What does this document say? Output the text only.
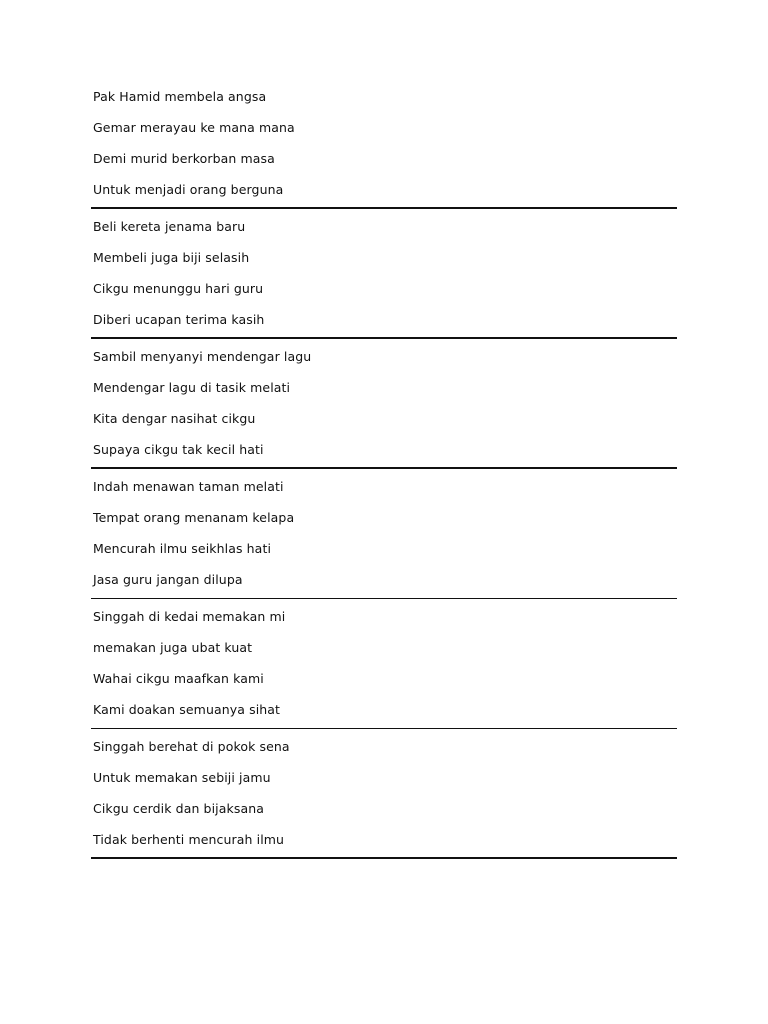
Pak Hamid membela angsa
Gemar merayau ke mana mana
Demi murid berkorban masa
Untuk menjadi orang berguna
Beli kereta jenama baru
Membeli juga biji selasih
Cikgu menunggu hari guru
Diberi ucapan terima kasih
Sambil menyanyi mendengar lagu
Mendengar lagu di tasik melati
Kita dengar nasihat cikgu
Supaya cikgu tak kecil hati
Indah menawan taman melati
Tempat orang menanam kelapa
Mencurah ilmu seikhlas hati
Jasa guru jangan dilupa
Singgah di kedai memakan mi
memakan juga ubat kuat
Wahai cikgu maafkan kami
Kami doakan semuanya sihat
Singgah berehat di pokok sena
Untuk memakan sebiji jamu
Cikgu cerdik dan bijaksana
Tidak berhenti mencurah ilmu
